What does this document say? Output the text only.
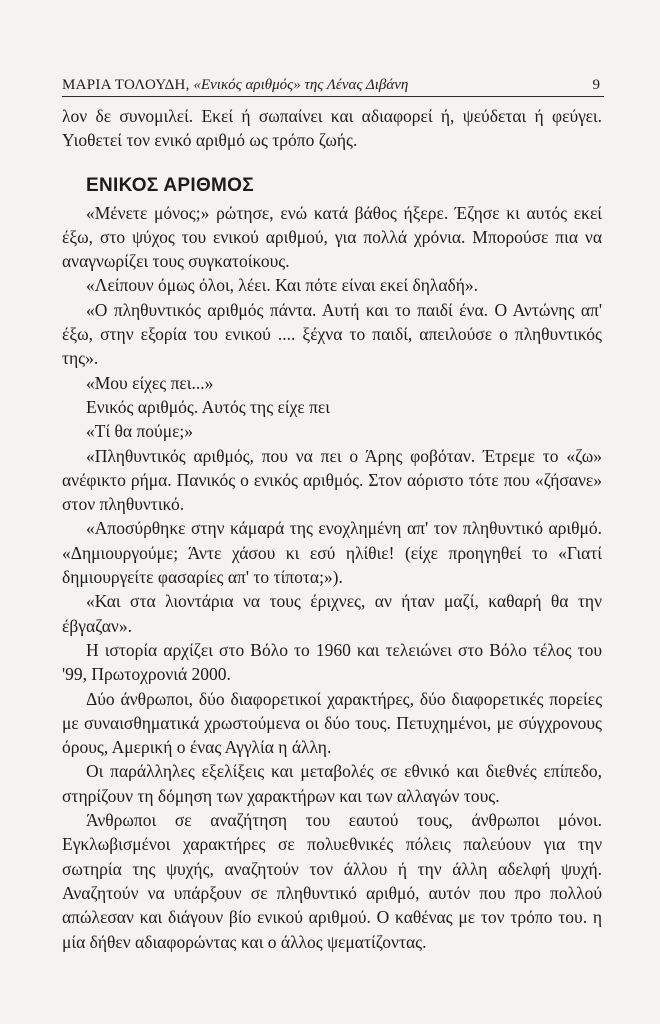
ΜΑΡΙΑ ΤΟΛΟΥΔΗ, «Ενικός αριθμός» της Λένας Διβάνη	9

λον δε συνομιλεί. Εκεί ή σωπαίνει και αδιαφορεί ή, ψεύδεται ή φεύγει. Υιοθετεί τον ενικό αριθμό ως τρόπο ζωής.

ΕΝΙΚΟΣ ΑΡΙΘΜΟΣ

«Μένετε μόνος;» ρώτησε, ενώ κατά βάθος ήξερε. Έζησε κι αυτός εκεί έξω, στο ψύχος του ενικού αριθμού, για πολλά χρόνια. Μπορούσε πια να αναγνωρίζει τους συγκατοίκους.

«Λείπουν όμως όλοι, λέει. Και πότε είναι εκεί δηλαδή».

«Ο πληθυντικός αριθμός πάντα. Αυτή και το παιδί ένα. Ο Αντώνης απ' έξω, στην εξορία του ενικού .... ξέχνα το παιδί, απειλούσε ο πληθυντικός της».

«Μου είχες πει...»

Ενικός αριθμός. Αυτός της είχε πει

«Τί θα πούμε;»

«Πληθυντικός αριθμός, που να πει ο Άρης φοβόταν. Έτρεμε το «ζω» ανέφικτο ρήμα. Πανικός ο ενικός αριθμός. Στον αόριστο τότε που «ζήσανε» στον πληθυντικό.

«Αποσύρθηκε στην κάμαρά της ενοχλημένη απ' τον πληθυντικό αριθμό. «Δημιουργούμε; Άντε χάσου κι εσύ ηλίθιε! (είχε προηγηθεί το «Γιατί δημιουργείτε φασαρίες απ' το τίποτα;»).

«Και στα λιοντάρια να τους έριχνες, αν ήταν μαζί, καθαρή θα την έβγαζαν».

Η ιστορία αρχίζει στο Βόλο το 1960 και τελειώνει στο Βόλο τέλος του '99, Πρωτοχρονιά 2000.

Δύο άνθρωποι, δύο διαφορετικοί χαρακτήρες, δύο διαφορετικές πορείες με συναισθηματικά χρωστούμενα οι δύο τους. Πετυχημένοι, με σύγχρονους όρους, Αμερική ο ένας Αγγλία η άλλη.

Οι παράλληλες εξελίξεις και μεταβολές σε εθνικό και διεθνές επίπεδο, στηρίζουν τη δόμηση των χαρακτήρων και των αλλαγών τους.

Άνθρωποι σε αναζήτηση του εαυτού τους, άνθρωποι μόνοι. Εγκλωβισμένοι χαρακτήρες σε πολυεθνικές πόλεις παλεύουν για την σωτηρία της ψυχής, αναζητούν τον άλλου ή την άλλη αδελφή ψυχή. Αναζητούν να υπάρξουν σε πληθυντικό αριθμό, αυτόν που προ πολλού απώλεσαν και διάγουν βίο ενικού αριθμού. Ο καθένας με τον τρόπο του. η μία δήθεν αδιαφορώντας και ο άλλος ψεματίζοντας.
